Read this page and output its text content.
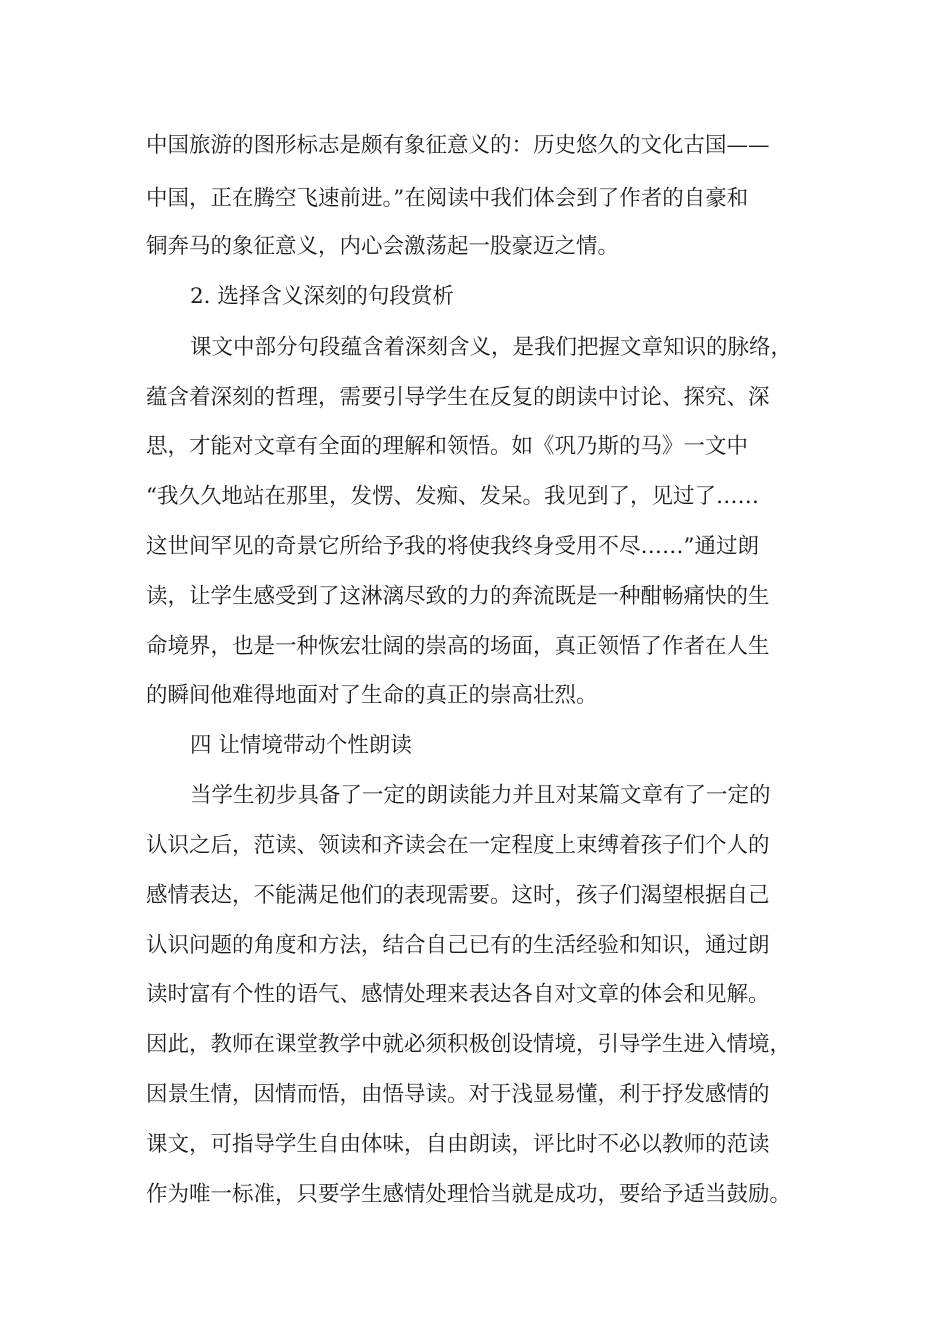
中国旅游的图形标志是颇有象征意义的：历史悠久的文化古国——
中国，正在腾空飞速前进。”在阅读中我们体会到了作者的自豪和
铜奔马的象征意义，内心会激荡起一股豪迈之情。
2. 选择含义深刻的句段赏析
课文中部分句段蕴含着深刻含义，是我们把握文章知识的脉络，
蕴含着深刻的哲理，需要引导学生在反复的朗读中讨论、探究、深
思，才能对文章有全面的理解和领悟。如《巩乃斯的马》一文中
“我久久地站在那里，发愣、发痴、发呆。我见到了，见过了……
这世间罕见的奇景它所给予我的将使我终身受用不尽……”通过朗
读，让学生感受到了这淋漓尽致的力的奔流既是一种酣畅痛快的生
命境界，也是一种恢宏壮阔的崇高的场面，真正领悟了作者在人生
的瞬间他难得地面对了生命的真正的崇高壮烈。
四 让情境带动个性朗读
当学生初步具备了一定的朗读能力并且对某篇文章有了一定的
认识之后，范读、领读和齐读会在一定程度上束缚着孩子们个人的
感情表达，不能满足他们的表现需要。这时，孩子们渴望根据自己
认识问题的角度和方法，结合自己已有的生活经验和知识，通过朗
读时富有个性的语气、感情处理来表达各自对文章的体会和见解。
因此，教师在课堂教学中就必须积极创设情境，引导学生进入情境，
因景生情，因情而悟，由悟导读。对于浅显易懂，利于抒发感情的
课文，可指导学生自由体味，自由朗读，评比时不必以教师的范读
作为唯一标准，只要学生感情处理恰当就是成功，要给予适当鼓励。
